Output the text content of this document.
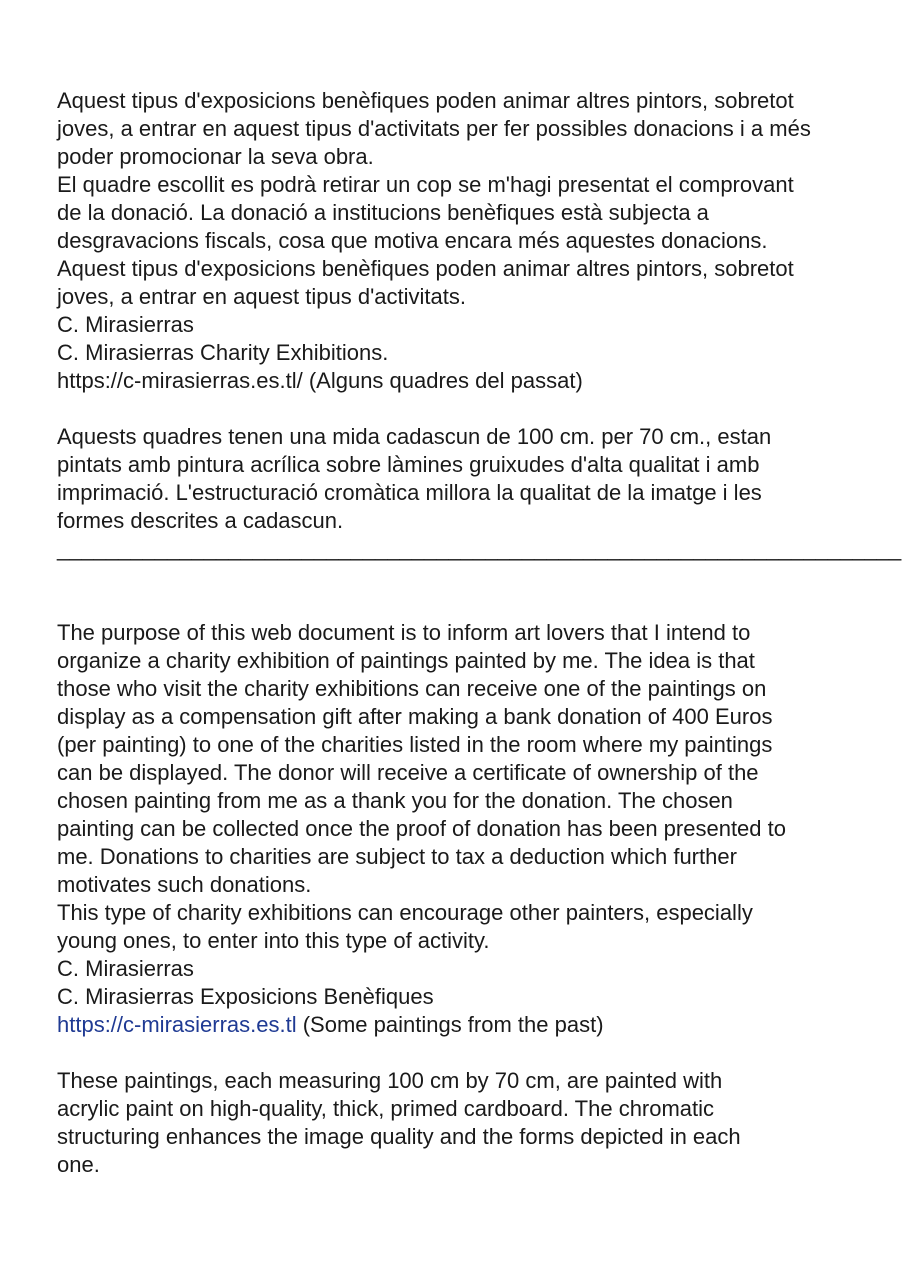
Aquest tipus d'exposicions benèfiques poden animar altres pintors, sobretot
joves, a entrar en aquest tipus d'activitats per fer possibles donacions i a més
poder promocionar la seva obra.
El quadre escollit es podrà retirar un cop se m'hagi presentat el comprovant
de la donació. La donació a institucions benèfiques està subjecta a
desgravacions fiscals, cosa que motiva encara més aquestes donacions.
Aquest tipus d'exposicions benèfiques poden animar altres pintors, sobretot
joves, a entrar en aquest tipus d'activitats.
C. Mirasierras
C. Mirasierras Charity Exhibitions.
https://c-mirasierras.es.tl/ (Alguns quadres del passat)
Aquests quadres tenen una mida cadascun de 100 cm. per 70 cm., estan
pintats amb pintura acrílica sobre làmines gruixudes d'alta qualitat i amb
imprimació. L'estructuració cromàtica millora la qualitat de la imatge i les
formes descrites a cadascun.
_____________________________________________________________________
The purpose of this web document is to inform art lovers that I intend to
organize a charity exhibition of paintings painted by me. The idea is that
those who visit the charity exhibitions can receive one of the paintings on
display as a compensation gift after making a bank donation of 400 Euros
(per painting) to one of the charities listed in the room where my paintings
can be displayed. The donor will receive a certificate of ownership of the
chosen painting from me as a thank you for the donation. The chosen
painting can be collected once the proof of donation has been presented to
me. Donations to charities are subject to tax a deduction which further
motivates such donations.
This type of charity exhibitions can encourage other painters, especially
young ones, to enter into this type of activity.
C. Mirasierras
C. Mirasierras Exposicions Benèfiques
https://c-mirasierras.es.tl (Some paintings from the past)
These paintings, each measuring 100 cm by 70 cm, are painted with
acrylic paint on high-quality, thick, primed cardboard. The chromatic
structuring enhances the image quality and the forms depicted in each
one.
